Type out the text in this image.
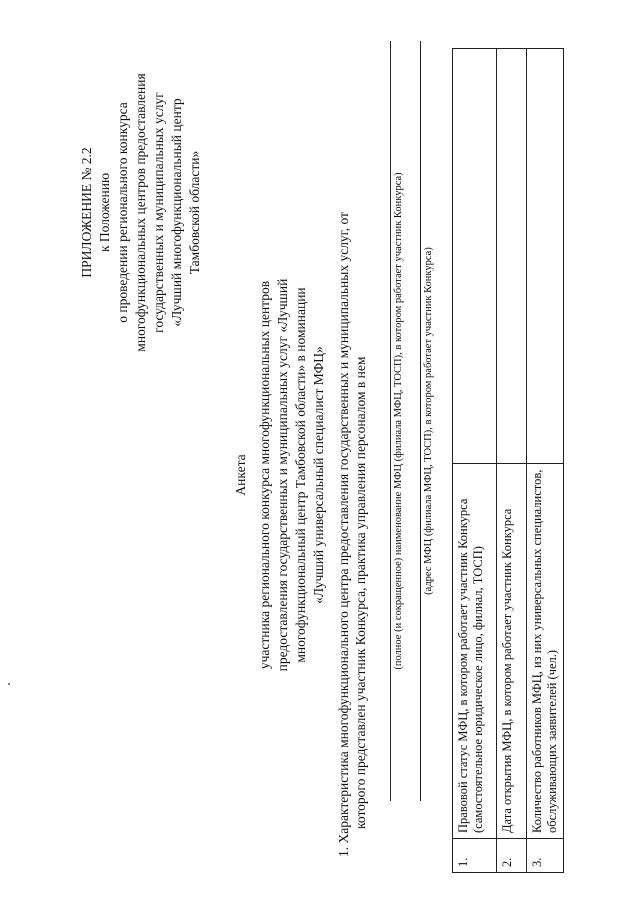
ПРИЛОЖЕНИЕ № 2.2 к Положению о проведении регионального конкурса многофункциональных центров предоставления государственных и муниципальных услуг «Лучший многофункциональный центр Тамбовской области»
Анкета участника регионального конкурса многофункциональных центров предоставления государственных и муниципальных услуг «Лучший многофункциональный центр Тамбовской области» в номинации «Лучший универсальный специалист МФЦ» 1. Характеристика многофункционального центра предоставления государственных и муниципальных услуг, от которого представлен участник Конкурса, практика управления персоналом в нем (полное (и сокращенное) наименование МФЦ (филиала МФЦ, ТОСП), в котором работает участник Конкурса) (адрес МФЦ (филиала МФЦ, ТОСП), в котором работает участник Конкурса)
1.	Правовой статус МФЦ, в котором работает участник Конкурса (самостоятельное юридическое лицо, филиал, ТОСП)	
2.	Дата открытия МФЦ, в котором работает участник Конкурса	
3.	Количество работников МФЦ, из них универсальных специалистов, обслуживающих заявителей (чел.)	
